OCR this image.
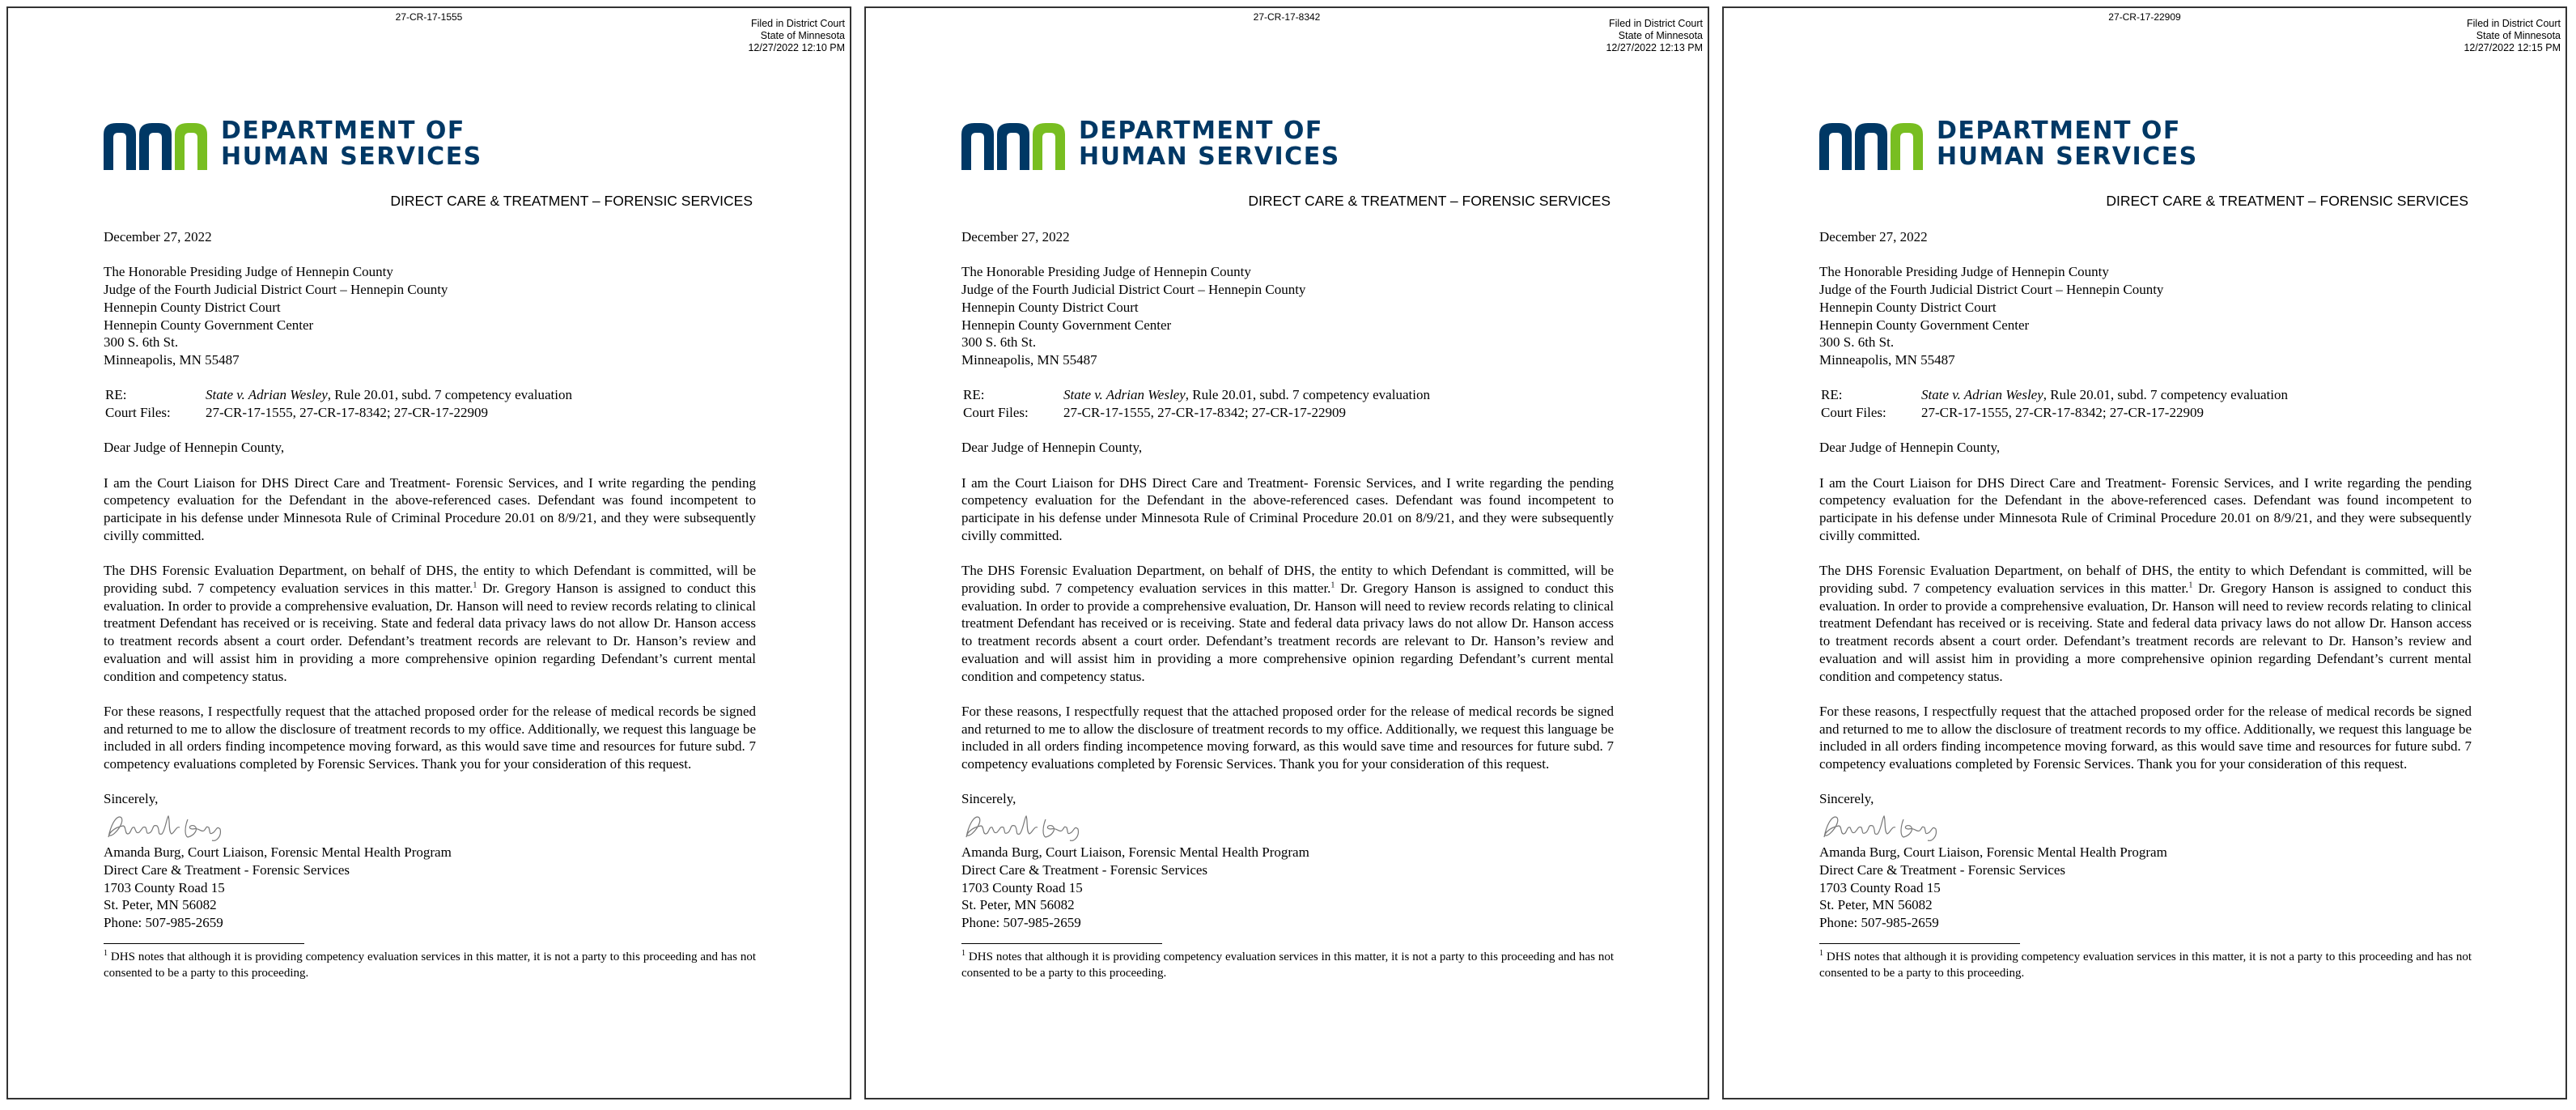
27-CR-17-1555
Filed in District Court
State of Minnesota
12/27/2022 12:10 PM
DEPARTMENT OF
HUMAN SERVICES
DIRECT CARE & TREATMENT – FORENSIC SERVICES

December 27, 2022

The Honorable Presiding Judge of Hennepin County

Judge of the Fourth Judicial District Court – Hennepin County

Hennepin County District Court

Hennepin County Government Center

300 S. 6th St.

Minneapolis, MN 55487

RE:	State v. Adrian Wesley, Rule 20.01, subd. 7 competency evaluation
Court Files:	27-CR-17-1555, 27-CR-17-8342; 27-CR-17-22909

Dear Judge of Hennepin County,

I am the Court Liaison for DHS Direct Care and Treatment- Forensic Services, and I write regarding the pending competency evaluation for the Defendant in the above-referenced cases. Defendant was found incompetent to participate in his defense under Minnesota Rule of Criminal Procedure 20.01 on 8/9/21, and they were subsequently civilly committed.

The DHS Forensic Evaluation Department, on behalf of DHS, the entity to which Defendant is committed, will be providing subd. 7 competency evaluation services in this matter.$^1$ Dr. Gregory Hanson is assigned to conduct this evaluation. In order to provide a comprehensive evaluation, Dr. Hanson will need to review records relating to clinical treatment Defendant has received or is receiving. State and federal data privacy laws do not allow Dr. Hanson access to treatment records absent a court order. Defendant’s treatment records are relevant to Dr. Hanson’s review and evaluation and will assist him in providing a more comprehensive opinion regarding Defendant’s current mental condition and competency status.

For these reasons, I respectfully request that the attached proposed order for the release of medical records be signed and returned to me to allow the disclosure of treatment records to my office. Additionally, we request this language be included in all orders finding incompetence moving forward, as this would save time and resources for future subd. 7 competency evaluations completed by Forensic Services. Thank you for your consideration of this request.

Sincerely,

Amanda Burg, Court Liaison, Forensic Mental Health Program

Direct Care & Treatment - Forensic Services

1703 County Road 15

St. Peter, MN 56082

Phone: 507-985-2659

$^1$ DHS notes that although it is providing competency evaluation services in this matter, it is not a party to this proceeding and has not consented to be a party to this proceeding.

27-CR-17-8342
Filed in District Court
State of Minnesota
12/27/2022 12:13 PM
DEPARTMENT OF
HUMAN SERVICES
DIRECT CARE & TREATMENT – FORENSIC SERVICES

December 27, 2022

The Honorable Presiding Judge of Hennepin County

Judge of the Fourth Judicial District Court – Hennepin County

Hennepin County District Court

Hennepin County Government Center

300 S. 6th St.

Minneapolis, MN 55487

RE:	State v. Adrian Wesley, Rule 20.01, subd. 7 competency evaluation
Court Files:	27-CR-17-1555, 27-CR-17-8342; 27-CR-17-22909

Dear Judge of Hennepin County,

I am the Court Liaison for DHS Direct Care and Treatment- Forensic Services, and I write regarding the pending competency evaluation for the Defendant in the above-referenced cases. Defendant was found incompetent to participate in his defense under Minnesota Rule of Criminal Procedure 20.01 on 8/9/21, and they were subsequently civilly committed.

The DHS Forensic Evaluation Department, on behalf of DHS, the entity to which Defendant is committed, will be providing subd. 7 competency evaluation services in this matter.$^1$ Dr. Gregory Hanson is assigned to conduct this evaluation. In order to provide a comprehensive evaluation, Dr. Hanson will need to review records relating to clinical treatment Defendant has received or is receiving. State and federal data privacy laws do not allow Dr. Hanson access to treatment records absent a court order. Defendant’s treatment records are relevant to Dr. Hanson’s review and evaluation and will assist him in providing a more comprehensive opinion regarding Defendant’s current mental condition and competency status.

For these reasons, I respectfully request that the attached proposed order for the release of medical records be signed and returned to me to allow the disclosure of treatment records to my office. Additionally, we request this language be included in all orders finding incompetence moving forward, as this would save time and resources for future subd. 7 competency evaluations completed by Forensic Services. Thank you for your consideration of this request.

Sincerely,

Amanda Burg, Court Liaison, Forensic Mental Health Program

Direct Care & Treatment - Forensic Services

1703 County Road 15

St. Peter, MN 56082

Phone: 507-985-2659

$^1$ DHS notes that although it is providing competency evaluation services in this matter, it is not a party to this proceeding and has not consented to be a party to this proceeding.

27-CR-17-22909
Filed in District Court
State of Minnesota
12/27/2022 12:15 PM
DEPARTMENT OF
HUMAN SERVICES
DIRECT CARE & TREATMENT – FORENSIC SERVICES

December 27, 2022

The Honorable Presiding Judge of Hennepin County

Judge of the Fourth Judicial District Court – Hennepin County

Hennepin County District Court

Hennepin County Government Center

300 S. 6th St.

Minneapolis, MN 55487

RE:	State v. Adrian Wesley, Rule 20.01, subd. 7 competency evaluation
Court Files:	27-CR-17-1555, 27-CR-17-8342; 27-CR-17-22909

Dear Judge of Hennepin County,

I am the Court Liaison for DHS Direct Care and Treatment- Forensic Services, and I write regarding the pending competency evaluation for the Defendant in the above-referenced cases. Defendant was found incompetent to participate in his defense under Minnesota Rule of Criminal Procedure 20.01 on 8/9/21, and they were subsequently civilly committed.

The DHS Forensic Evaluation Department, on behalf of DHS, the entity to which Defendant is committed, will be providing subd. 7 competency evaluation services in this matter.$^1$ Dr. Gregory Hanson is assigned to conduct this evaluation. In order to provide a comprehensive evaluation, Dr. Hanson will need to review records relating to clinical treatment Defendant has received or is receiving. State and federal data privacy laws do not allow Dr. Hanson access to treatment records absent a court order. Defendant’s treatment records are relevant to Dr. Hanson’s review and evaluation and will assist him in providing a more comprehensive opinion regarding Defendant’s current mental condition and competency status.

For these reasons, I respectfully request that the attached proposed order for the release of medical records be signed and returned to me to allow the disclosure of treatment records to my office. Additionally, we request this language be included in all orders finding incompetence moving forward, as this would save time and resources for future subd. 7 competency evaluations completed by Forensic Services. Thank you for your consideration of this request.

Sincerely,

Amanda Burg, Court Liaison, Forensic Mental Health Program

Direct Care & Treatment - Forensic Services

1703 County Road 15

St. Peter, MN 56082

Phone: 507-985-2659

$^1$ DHS notes that although it is providing competency evaluation services in this matter, it is not a party to this proceeding and has not consented to be a party to this proceeding.
